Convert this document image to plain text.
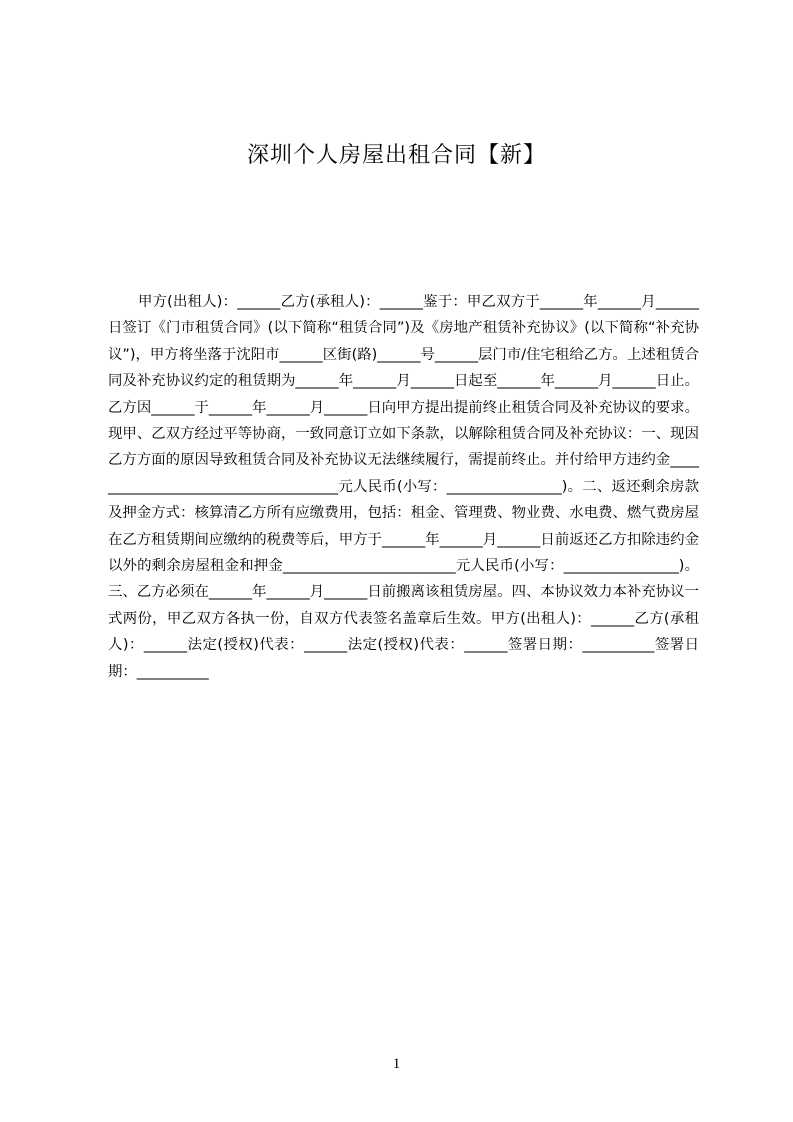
深圳个人房屋出租合同【新】

甲方(出租人)：______乙方(承租人)：______鉴于：甲乙双方于______年______月______日签订《门市租赁合同》(以下简称“租赁合同”)及《房地产租赁补充协议》(以下简称“补充协议”)，甲方将坐落于沈阳市______区街(路)______号______层门市/住宅租给乙方。上述租赁合同及补充协议约定的租赁期为______年______月______日起至______年______月______日止。乙方因______于______年______月______日向甲方提出提前终止租赁合同及补充协议的要求。现甲、乙双方经过平等协商，一致同意订立如下条款，以解除租赁合同及补充协议：一、现因乙方方面的原因导致租赁合同及补充协议无法继续履行，需提前终止。并付给甲方违约金____________________________________元人民币(小写：________________)。二、返还剩余房款及押金方式：核算清乙方所有应缴费用，包括：租金、管理费、物业费、水电费、燃气费房屋在乙方租赁期间应缴纳的税费等后，甲方于______年______月______日前返还乙方扣除违约金以外的剩余房屋租金和押金________________________元人民币(小写：________________)。三、乙方必须在______年______月______日前搬离该租赁房屋。四、本协议效力本补充协议一式两份，甲乙双方各执一份，自双方代表签名盖章后生效。甲方(出租人)：______乙方(承租人)：______法定(授权)代表：______法定(授权)代表：______签署日期：__________签署日期：__________

1
